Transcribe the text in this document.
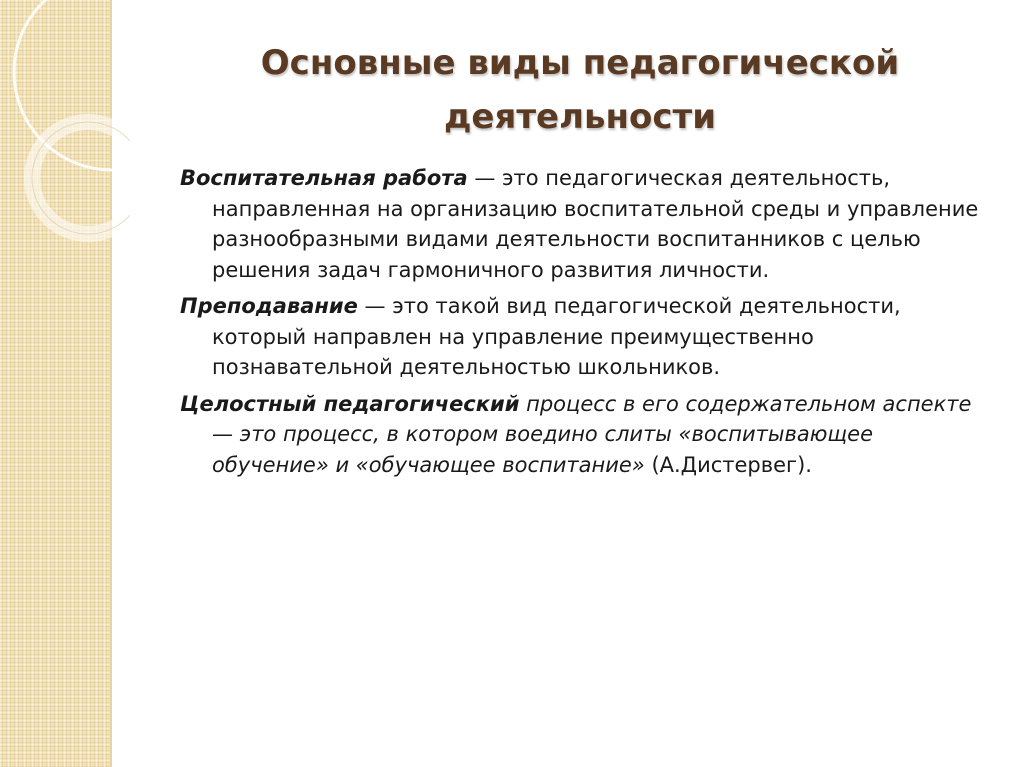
Основные виды педагогической деятельности

Воспитательная работа — это педагогическая деятельность, направленная на организацию воспитательной среды и управление разнообразными видами деятельности воспитанников с целью решения задач гармоничного развития личности.

Преподавание — это такой вид педагогической деятельности, который направлен на управление преимущественно познавательной деятельностью школьников.

Целостный педагогический процесс в его содержательном аспекте — это процесс, в котором воедино слиты «воспитывающее обучение» и «обучающее воспитание» (А.Дистервег).
